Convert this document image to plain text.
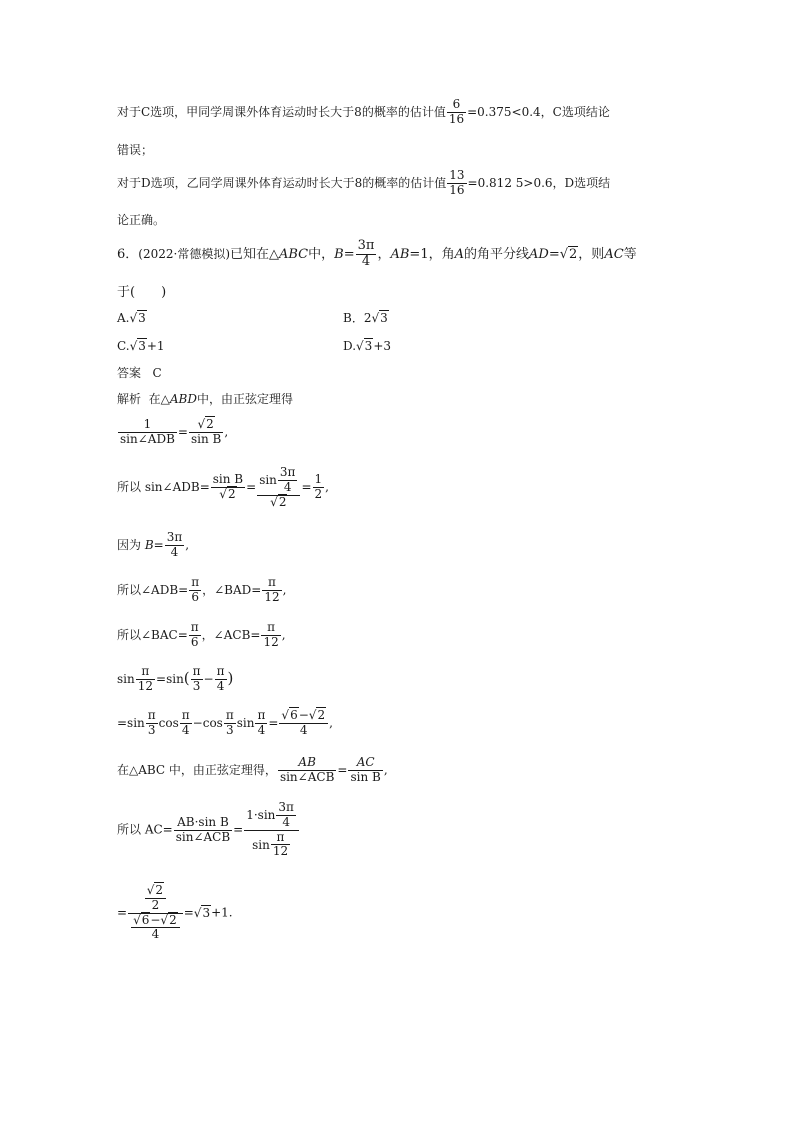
对于C选项，甲同学周课外体育运动时长大于8的概率的估计值 $\frac{6}{16} =0.375<0.4$，C选项结论
错误；
对于D选项，乙同学周课外体育运动时长大于8的概率的估计值 $\frac{13}{16} =0.812$ 5>0.6，D选项结
论正确。
6．(2022·常德模拟)已知在△ABC中，$B= \frac{3\pi}{4}$ ，AB=1，角A的角平分线AD=√2，则AC等
于(　　)
A.√3	B．2√3
C.√3+1	D.√3+3
答案 C
解析 在△ABD中，由正弦定理得
1
sin∠ADB = $\frac{√2}{\text{sin B}}$ ,
所以 sin∠ADB= $\frac{\text{sin B}}{√2} = \frac{\sin \frac{3\pi}{4}}{√2} = \frac{1}{2}$ ,
因为 $B= \frac{3\pi}{4}$ ,
所以∠ADB= $\frac{\pi}{6}$ ，∠BAD= $\frac{\pi}{12}$ ,
所以∠BAC= $\frac{\pi}{6}$ ，∠ACB= $\frac{\pi}{12}$ ,
$\sin \frac{\pi}{12} =\sin( \frac{\pi}{3} - \frac{\pi}{4}$ )
$=\sin \frac{\pi}{3}$ $\cos \frac{\pi}{4} -\cos \frac{\pi}{3}$ $\sin \frac{\pi}{4} = \frac{√6-√2}{4}$ ,
在△ABC 中，由正弦定理得，
AB
sin∠ACB = $\frac{AC}{\text{sin B}}$ ,
所以 AC=
AB·sin B
sin∠ACB = $\frac{1\cdot\sin \frac{3\pi}{4}}{\sin \frac{\pi}{12}}$
= $\frac{\frac{√2}{2}}{\frac{√6-√2}{4}} =√3+1$.
